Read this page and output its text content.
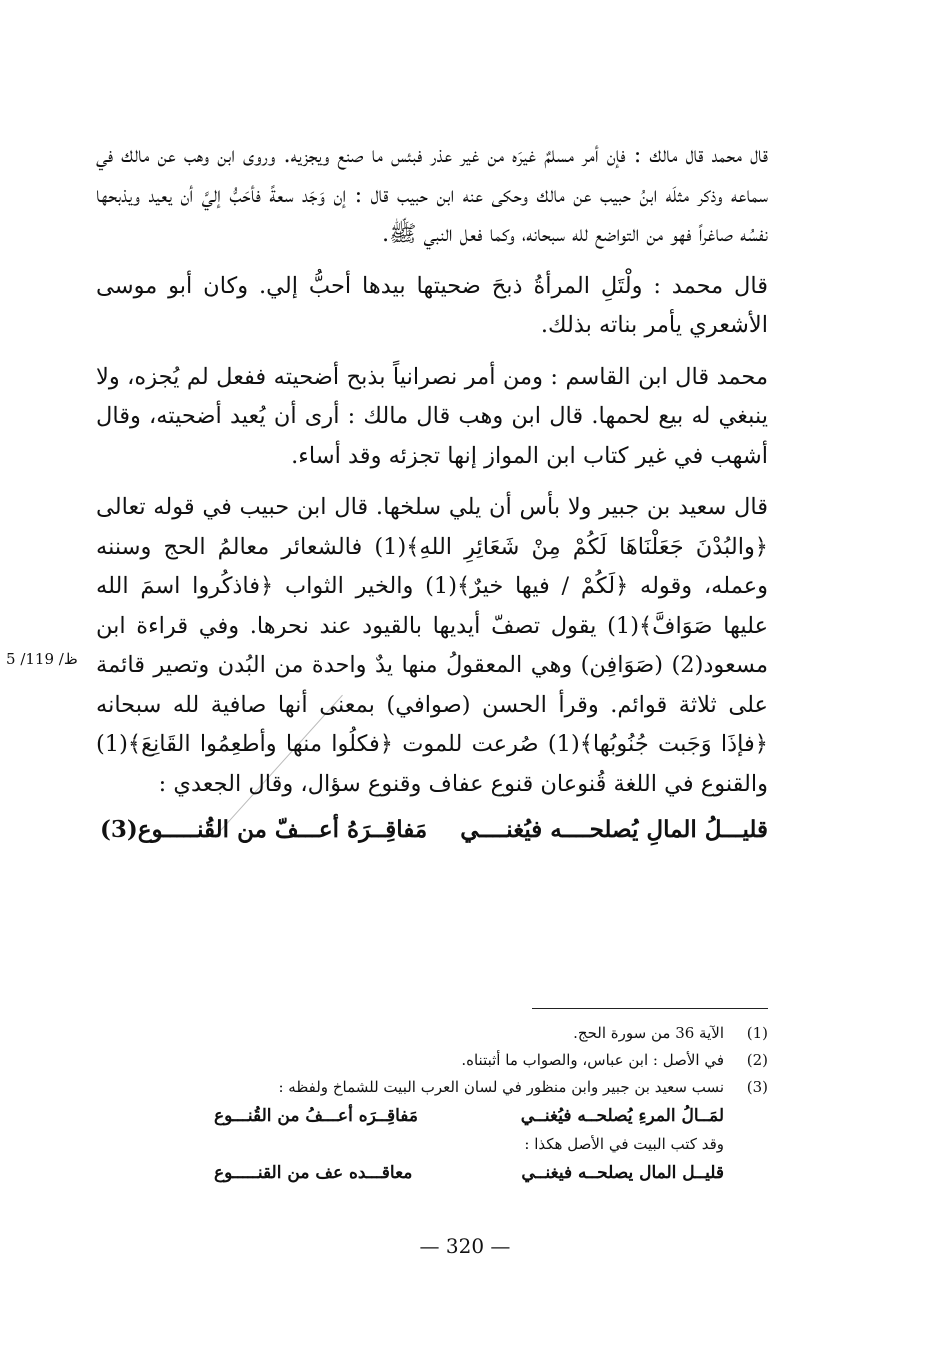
قال محمد قال مالك : فإن أمر مسلمٌ غيرَه من غير عذر فبئس ما صنع ويجزيه. وروى ابن وهب عن مالك في سماعه وذكر مثلَه ابنُ حبيب عن مالك وحكى عنه ابن حبيب قال : إن وَجَد سعةً فأحَبُّ إليَّ أن يعيد ويذبحها نفسُه صاغراً فهو من التواضع لله سبحانه، وكما فعل النبي ﷺ.

قال محمد : ولْتَلِ المرأةُ ذبحَ ضحيتها بيدها أحبُّ إلي. وكان أبو موسى الأشعري يأمر بناته بذلك.

محمد قال ابن القاسم : ومن أمر نصرانياً بذبح أضحيته ففعل لم يُجزه، ولا ينبغي له بيع لحمها. قال ابن وهب قال مالك : أرى أن يُعيد أضحيته، وقال أشهب في غير كتاب ابن المواز إنها تجزئه وقد أساء.

قال سعيد بن جبير ولا بأس أن يلي سلخها. قال ابن حبيب في قوله تعالى ﴿والبُدْنَ جَعَلْنَاهَا لَكُمْ مِنْ شَعَائِرِ اللهِ﴾(1) فالشعائر معالمُ الحج وسننه وعمله، وقوله ﴿لَكُمْ / فيها خيرٌ﴾(1) والخير الثواب ﴿فاذكُروا اسمَ الله عليها صَوَافَّ﴾(1) يقول تصفّ أيديها بالقيود عند نحرها. وفي قراءة ابن مسعود(2) (صَوَافِن) وهي المعقولُ منها يدٌ واحدة من البُدن وتصير قائمة على ثلاثة قوائم. وقرأ الحسن (صوافي) بمعنى أنها صافية لله سبحانه ﴿فإذَا وَجَبت جُنُوبُها﴾(1) صُرعت للموت ﴿فكلُوا منها وأطعِمُوا القَانِعَ﴾(1) والقنوع في اللغة قُنوعان قنوع عفاف وقنوع سؤال، وقال الجعدي :

قليـــلُ المالِ يُصلحــــه فيُغنــــي
مَفاقِــرَهُ أعـــفّ من القُنـــــوع(3)
ظ/ 119/ 5
(1)
الآية 36 من سورة الحج.
(2)
في الأصل : ابن عباس، والصواب ما أثبتناه.
(3)
نسب سعيد بن جبير وابن منظور في لسان العرب البيت للشماخ ولفظه :
لمَــالُ المرءِ يُصلحــه فيُغنــي
مَفاقِــرَه أعـــفُ من القُنـــوع
وقد كتب البيت في الأصل هكذا :
قليــل المال يصلحــه فيغنــي
معاقـــده عف من القنـــــوع
— 320 —
